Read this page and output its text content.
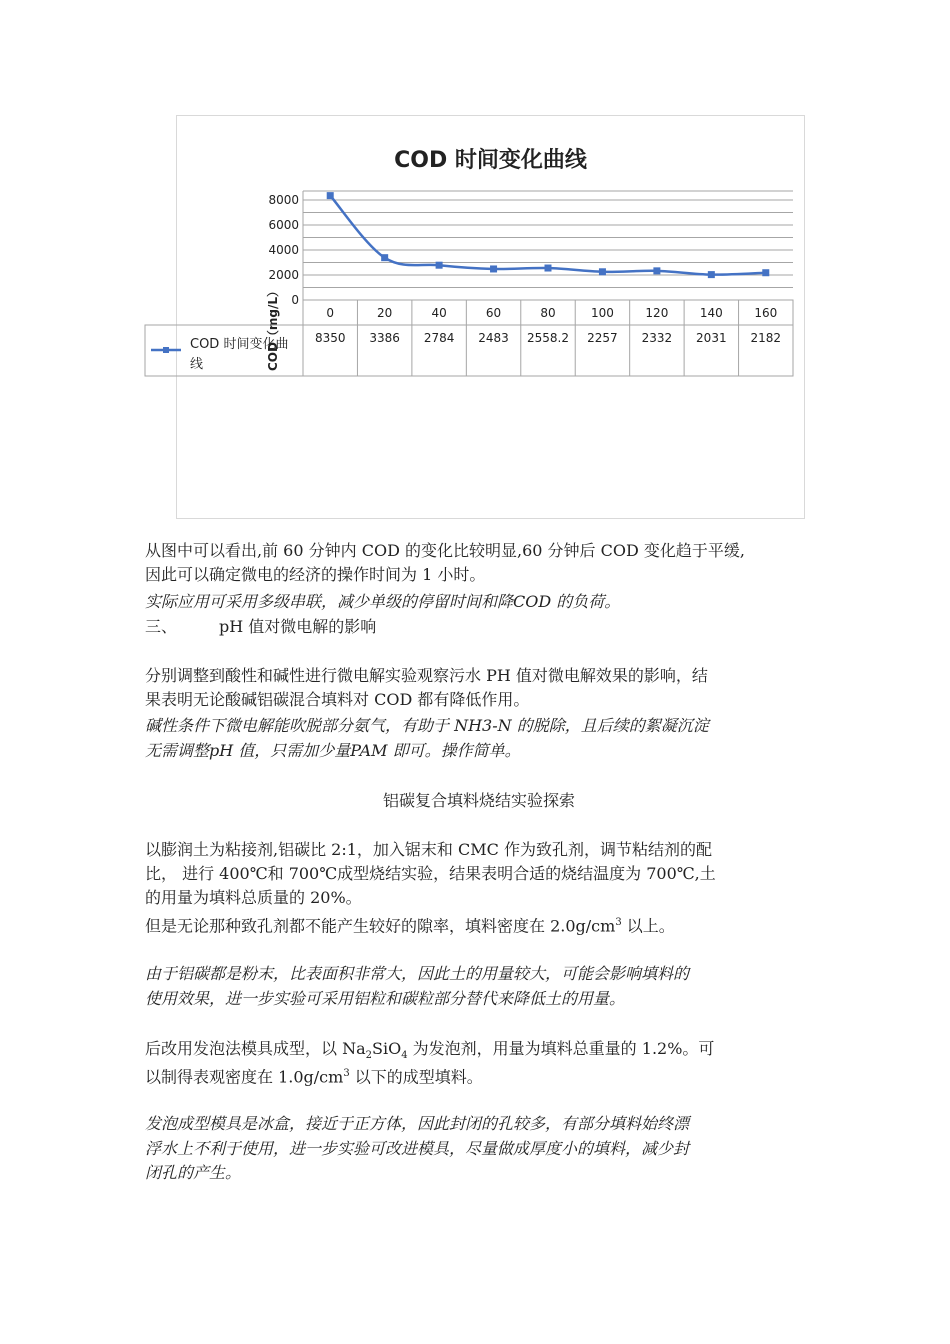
COD 时间变化曲线
8000
6000
4000
2000
0
COD（mg/L）	0	20	40	60	80	100	120	140	160
8350 3386 2784 2483 2558.2 2257 2332 2031 2182
COD 时间变化曲
线
从图中可以看出,前 60 分钟内 COD 的变化比较明显,60 分钟后 COD 变化趋于平缓,
因此可以确定微电的经济的操作时间为 1 小时。
实际应用可采用多级串联，减少单级的停留时间和降COD 的负荷。
三、	pH 值对微电解的影响
分别调整到酸性和碱性进行微电解实验观察污水 PH 值对微电解效果的影响，结
果表明无论酸碱铝碳混合填料对 COD 都有降低作用。
碱性条件下微电解能吹脱部分氨气，有助于 NH3-N 的脱除，且后续的絮凝沉淀
无需调整pH 值，只需加少量PAM 即可。操作简单。
铝碳复合填料烧结实验探索
以膨润土为粘接剂,铝碳比 2:1，加入锯末和 CMC 作为致孔剂，调节粘结剂的配
比， 进行 400℃和 700℃成型烧结实验，结果表明合适的烧结温度为 700℃,土
的用量为填料总质量的 20%。
但是无论那种致孔剂都不能产生较好的隙率，填料密度在 $2.0g/cm^3$ 以上。
由于铝碳都是粉末，比表面积非常大，因此土的用量较大，可能会影响填料的
使用效果，进一步实验可采用铝粒和碳粒部分替代来降低土的用量。
后改用发泡法模具成型，以 $Na_2SiO_4$ 为发泡剂，用量为填料总重量的 1.2%。可
以制得表观密度在 $1.0g/cm^3$ 以下的成型填料。
发泡成型模具是冰盒，接近于正方体，因此封闭的孔较多，有部分填料始终漂
浮水上不利于使用，进一步实验可改进模具，尽量做成厚度小的填料，减少封
闭孔的产生。
